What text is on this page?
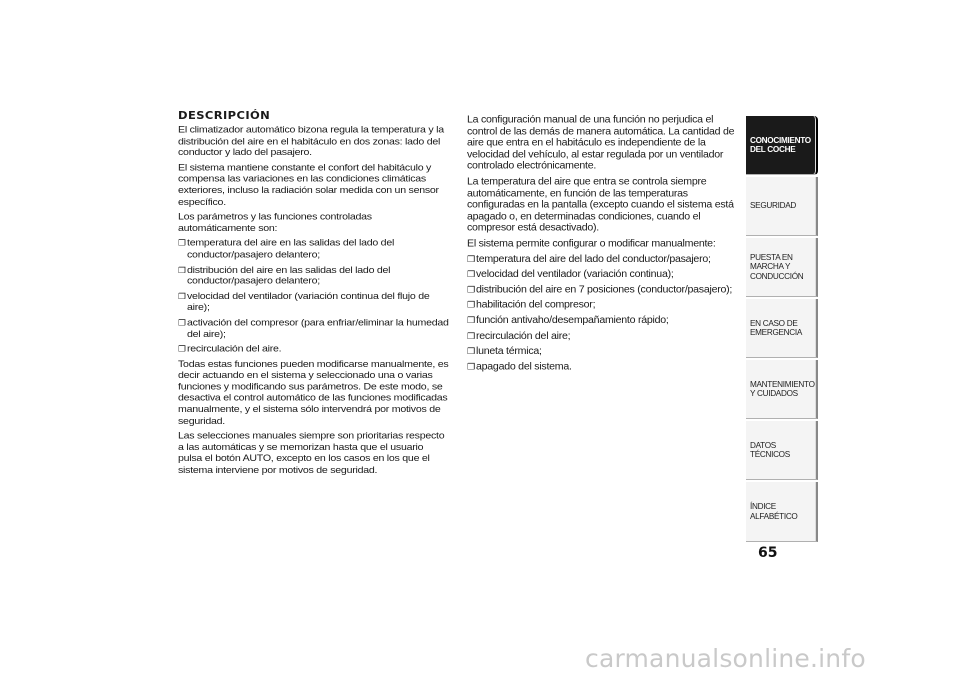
DESCRIPCIÓN

El climatizador automático bizona regula la temperatura y la distribución del aire en el habitáculo en dos zonas: lado del conductor y lado del pasajero.

El sistema mantiene constante el confort del habitáculo y compensa las variaciones en las condiciones climáticas exteriores, incluso la radiación solar medida con un sensor específico.

Los parámetros y las funciones controladas automáticamente son:

❒ temperatura del aire en las salidas del lado del conductor/pasajero delantero;
❒ distribución del aire en las salidas del lado del conductor/pasajero delantero;
❒ velocidad del ventilador (variación continua del flujo de aire);
❒ activación del compresor (para enfriar/eliminar la humedad del aire);
❒ recirculación del aire.

Todas estas funciones pueden modificarse manualmente, es decir actuando en el sistema y seleccionado una o varias funciones y modificando sus parámetros. De este modo, se desactiva el control automático de las funciones modificadas manualmente, y el sistema sólo intervendrá por motivos de seguridad.

Las selecciones manuales siempre son prioritarias respecto a las automáticas y se memorizan hasta que el usuario pulsa el botón AUTO, excepto en los casos en los que el sistema interviene por motivos de seguridad.

La configuración manual de una función no perjudica el control de las demás de manera automática. La cantidad de aire que entra en el habitáculo es independiente de la velocidad del vehículo, al estar regulada por un ventilador controlado electrónicamente.

La temperatura del aire que entra se controla siempre automáticamente, en función de las temperaturas configuradas en la pantalla (excepto cuando el sistema está apagado o, en determinadas condiciones, cuando el compresor está desactivado).

El sistema permite configurar o modificar manualmente:

❒ temperatura del aire del lado del conductor/pasajero;
❒ velocidad del ventilador (variación continua);
❒ distribución del aire en 7 posiciones (conductor/pasajero);
❒ habilitación del compresor;
❒ función antivaho/desempañamiento rápido;
❒ recirculación del aire;
❒ luneta térmica;
❒ apagado del sistema.
CONOCIMIENTO DEL COCHE
SEGURIDAD
PUESTA EN MARCHA Y CONDUCCIÓN
EN CASO DE EMERGENCIA
MANTENIMIENTO Y CUIDADOS
DATOS TÉCNICOS
ÍNDICE ALFABÉTICO
65
carmanualsonline.info
